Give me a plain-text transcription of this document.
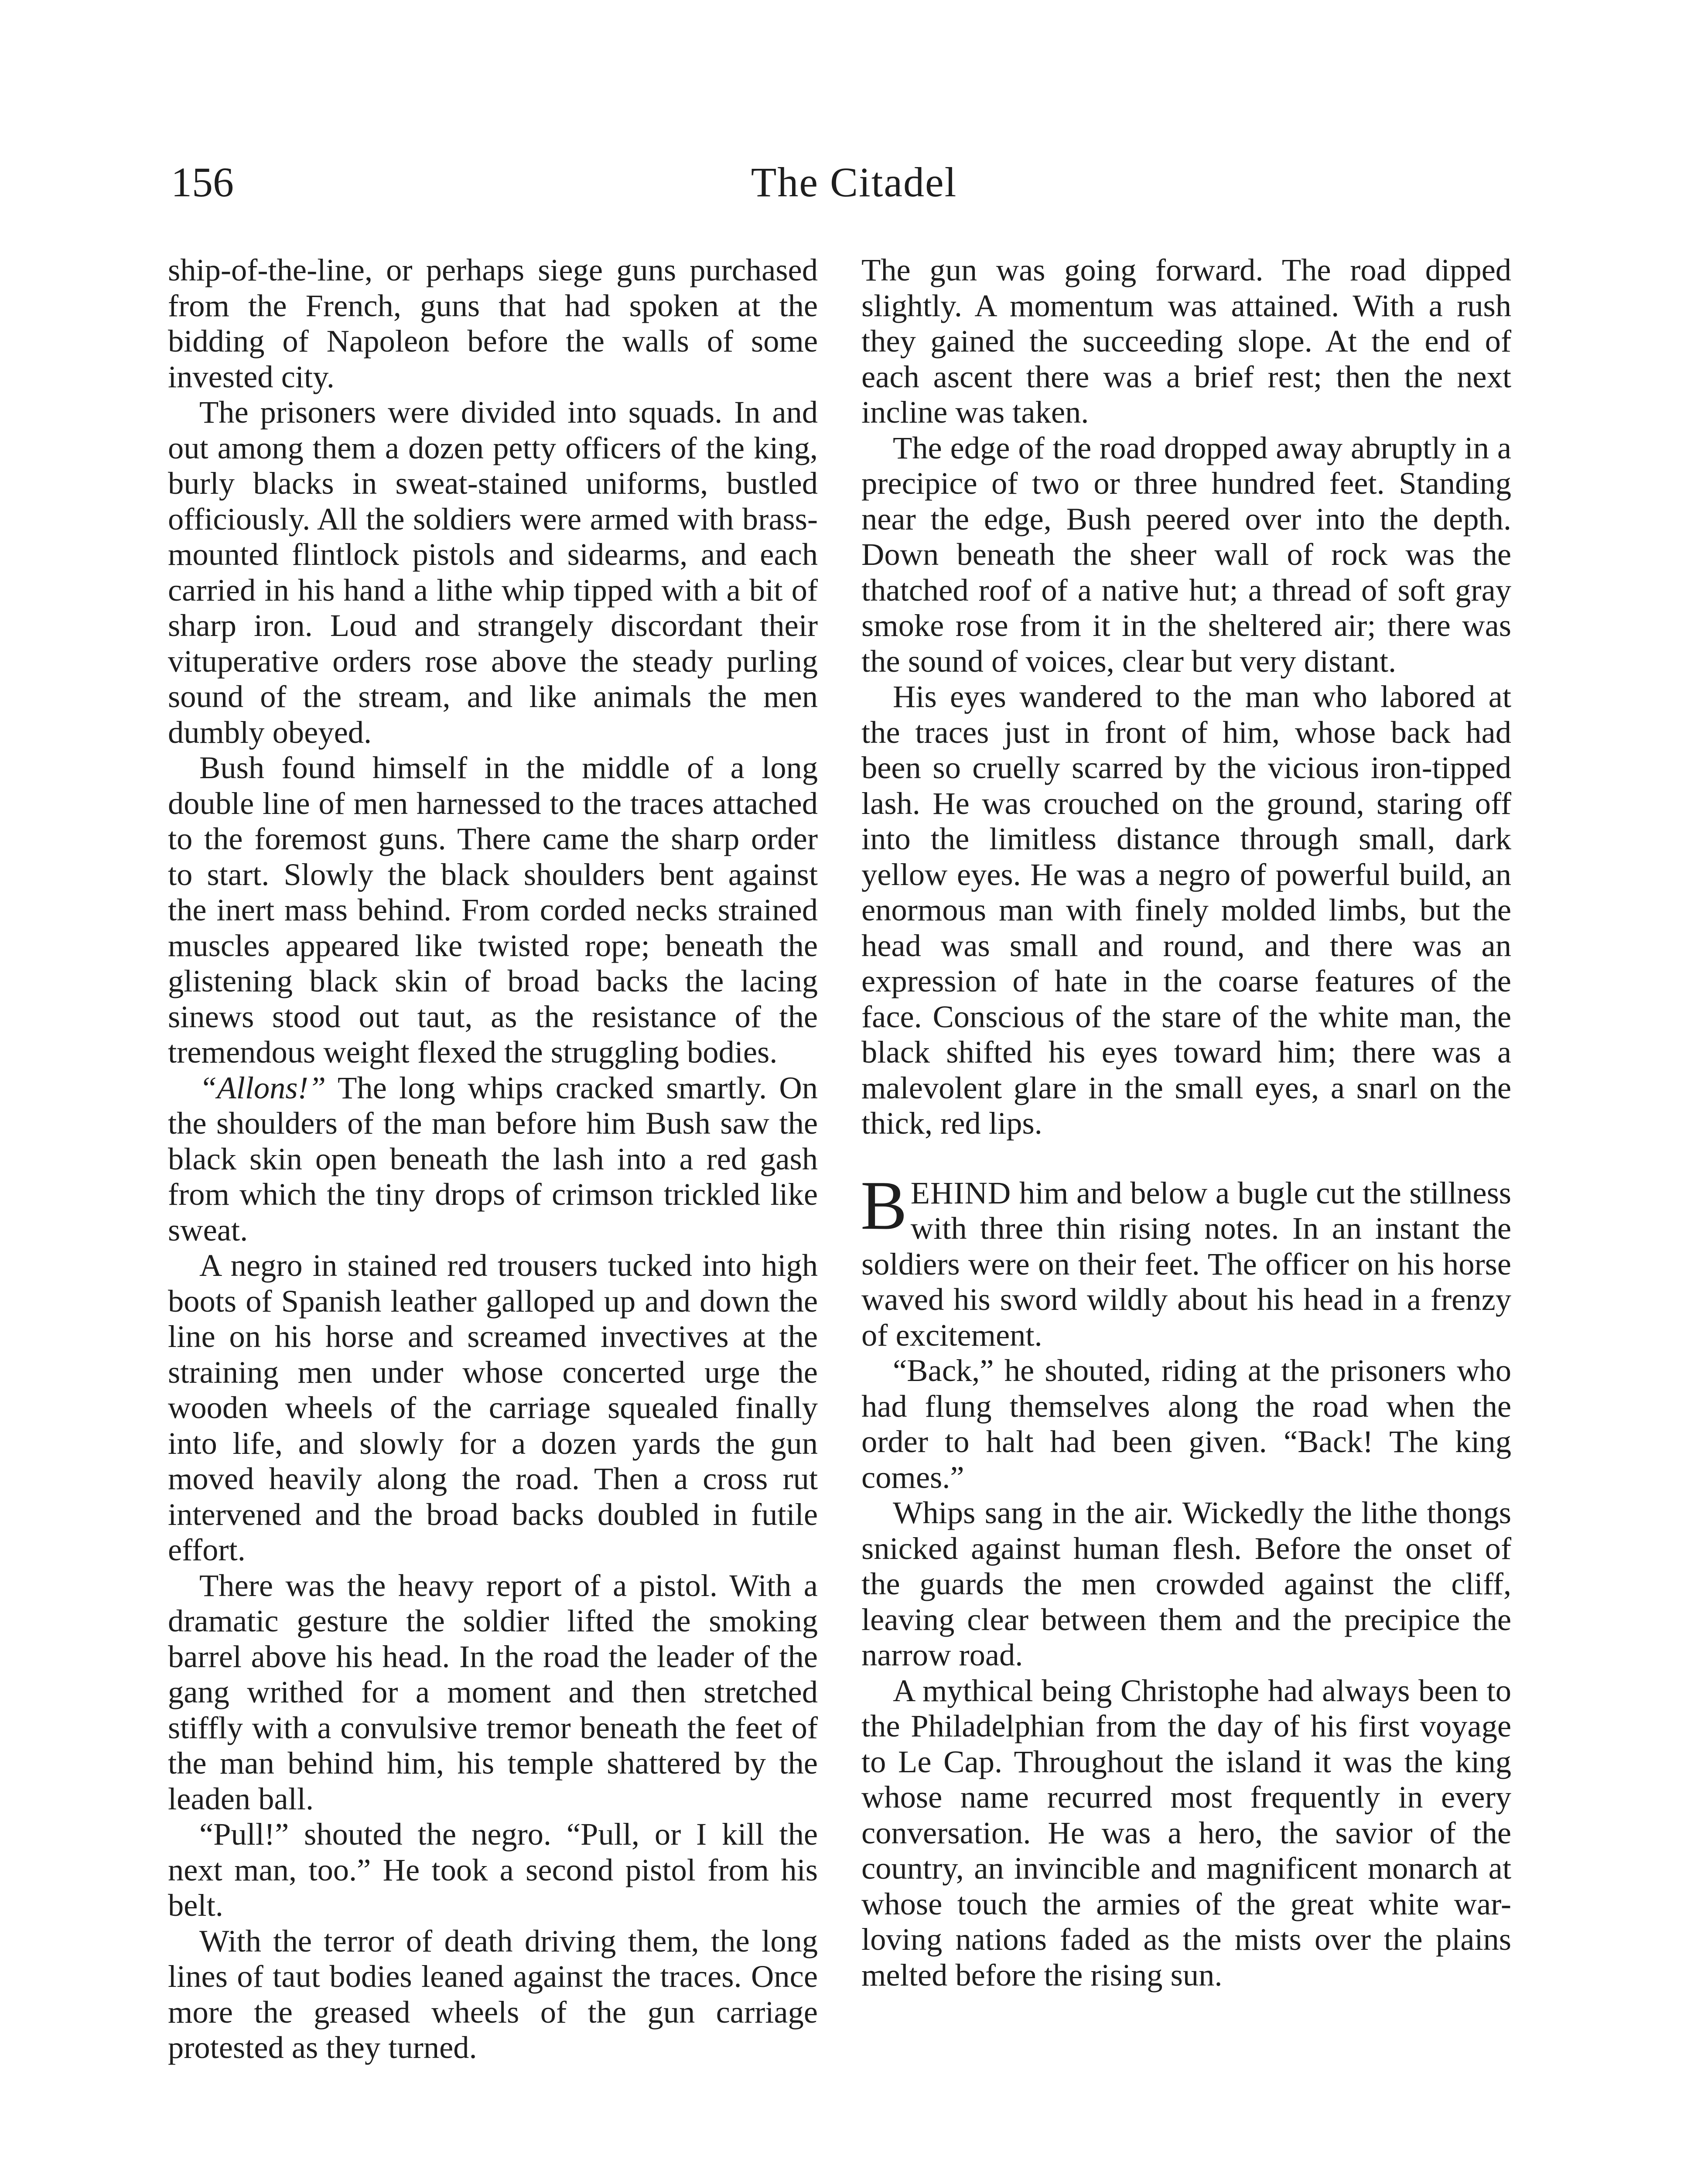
156	The Citadel

ship-of-the-line, or perhaps siege guns purchased from the French, guns that had spoken at the bidding of Napoleon before the walls of some invested city.

The prisoners were divided into squads. In and out among them a dozen petty officers of the king, burly blacks in sweat-stained uniforms, bustled officiously. All the soldiers were armed with brass-mounted flintlock pistols and sidearms, and each carried in his hand a lithe whip tipped with a bit of sharp iron. Loud and strangely discordant their vituperative orders rose above the steady purling sound of the stream, and like animals the men dumbly obeyed.

Bush found himself in the middle of a long double line of men harnessed to the traces attached to the foremost guns. There came the sharp order to start. Slowly the black shoulders bent against the inert mass behind. From corded necks strained muscles appeared like twisted rope; beneath the glistening black skin of broad backs the lacing sinews stood out taut, as the resistance of the tremendous weight flexed the struggling bodies.

“Allons!” The long whips cracked smartly. On the shoulders of the man before him Bush saw the black skin open beneath the lash into a red gash from which the tiny drops of crimson trickled like sweat.

A negro in stained red trousers tucked into high boots of Spanish leather galloped up and down the line on his horse and screamed invectives at the straining men under whose concerted urge the wooden wheels of the carriage squealed finally into life, and slowly for a dozen yards the gun moved heavily along the road. Then a cross rut intervened and the broad backs doubled in futile effort.

There was the heavy report of a pistol. With a dramatic gesture the soldier lifted the smoking barrel above his head. In the road the leader of the gang writhed for a moment and then stretched stiffly with a convulsive tremor beneath the feet of the man behind him, his temple shattered by the leaden ball.

“Pull!” shouted the negro. “Pull, or I kill the next man, too.” He took a second pistol from his belt.

With the terror of death driving them, the long lines of taut bodies leaned against the traces. Once more the greased wheels of the gun carriage protested as they turned.

The gun was going forward. The road dipped slightly. A momentum was attained. With a rush they gained the succeeding slope. At the end of each ascent there was a brief rest; then the next incline was taken.

The edge of the road dropped away abruptly in a precipice of two or three hundred feet. Standing near the edge, Bush peered over into the depth. Down beneath the sheer wall of rock was the thatched roof of a native hut; a thread of soft gray smoke rose from it in the sheltered air; there was the sound of voices, clear but very distant.

His eyes wandered to the man who labored at the traces just in front of him, whose back had been so cruelly scarred by the vicious iron-tipped lash. He was crouched on the ground, staring off into the limitless distance through small, dark yellow eyes. He was a negro of powerful build, an enormous man with finely molded limbs, but the head was small and round, and there was an expression of hate in the coarse features of the face. Conscious of the stare of the white man, the black shifted his eyes toward him; there was a malevolent glare in the small eyes, a snarl on the thick, red lips.

BEHIND him and below a bugle cut the stillness with three thin rising notes. In an instant the soldiers were on their feet. The officer on his horse waved his sword wildly about his head in a frenzy of excitement.

“Back,” he shouted, riding at the prisoners who had flung themselves along the road when the order to halt had been given. “Back! The king comes.”

Whips sang in the air. Wickedly the lithe thongs snicked against human flesh. Before the onset of the guards the men crowded against the cliff, leaving clear between them and the precipice the narrow road.

A mythical being Christophe had always been to the Philadelphian from the day of his first voyage to Le Cap. Throughout the island it was the king whose name recurred most frequently in every conversation. He was a hero, the savior of the country, an invincible and magnificent monarch at whose touch the armies of the great white war-loving nations faded as the mists over the plains melted before the rising sun.
